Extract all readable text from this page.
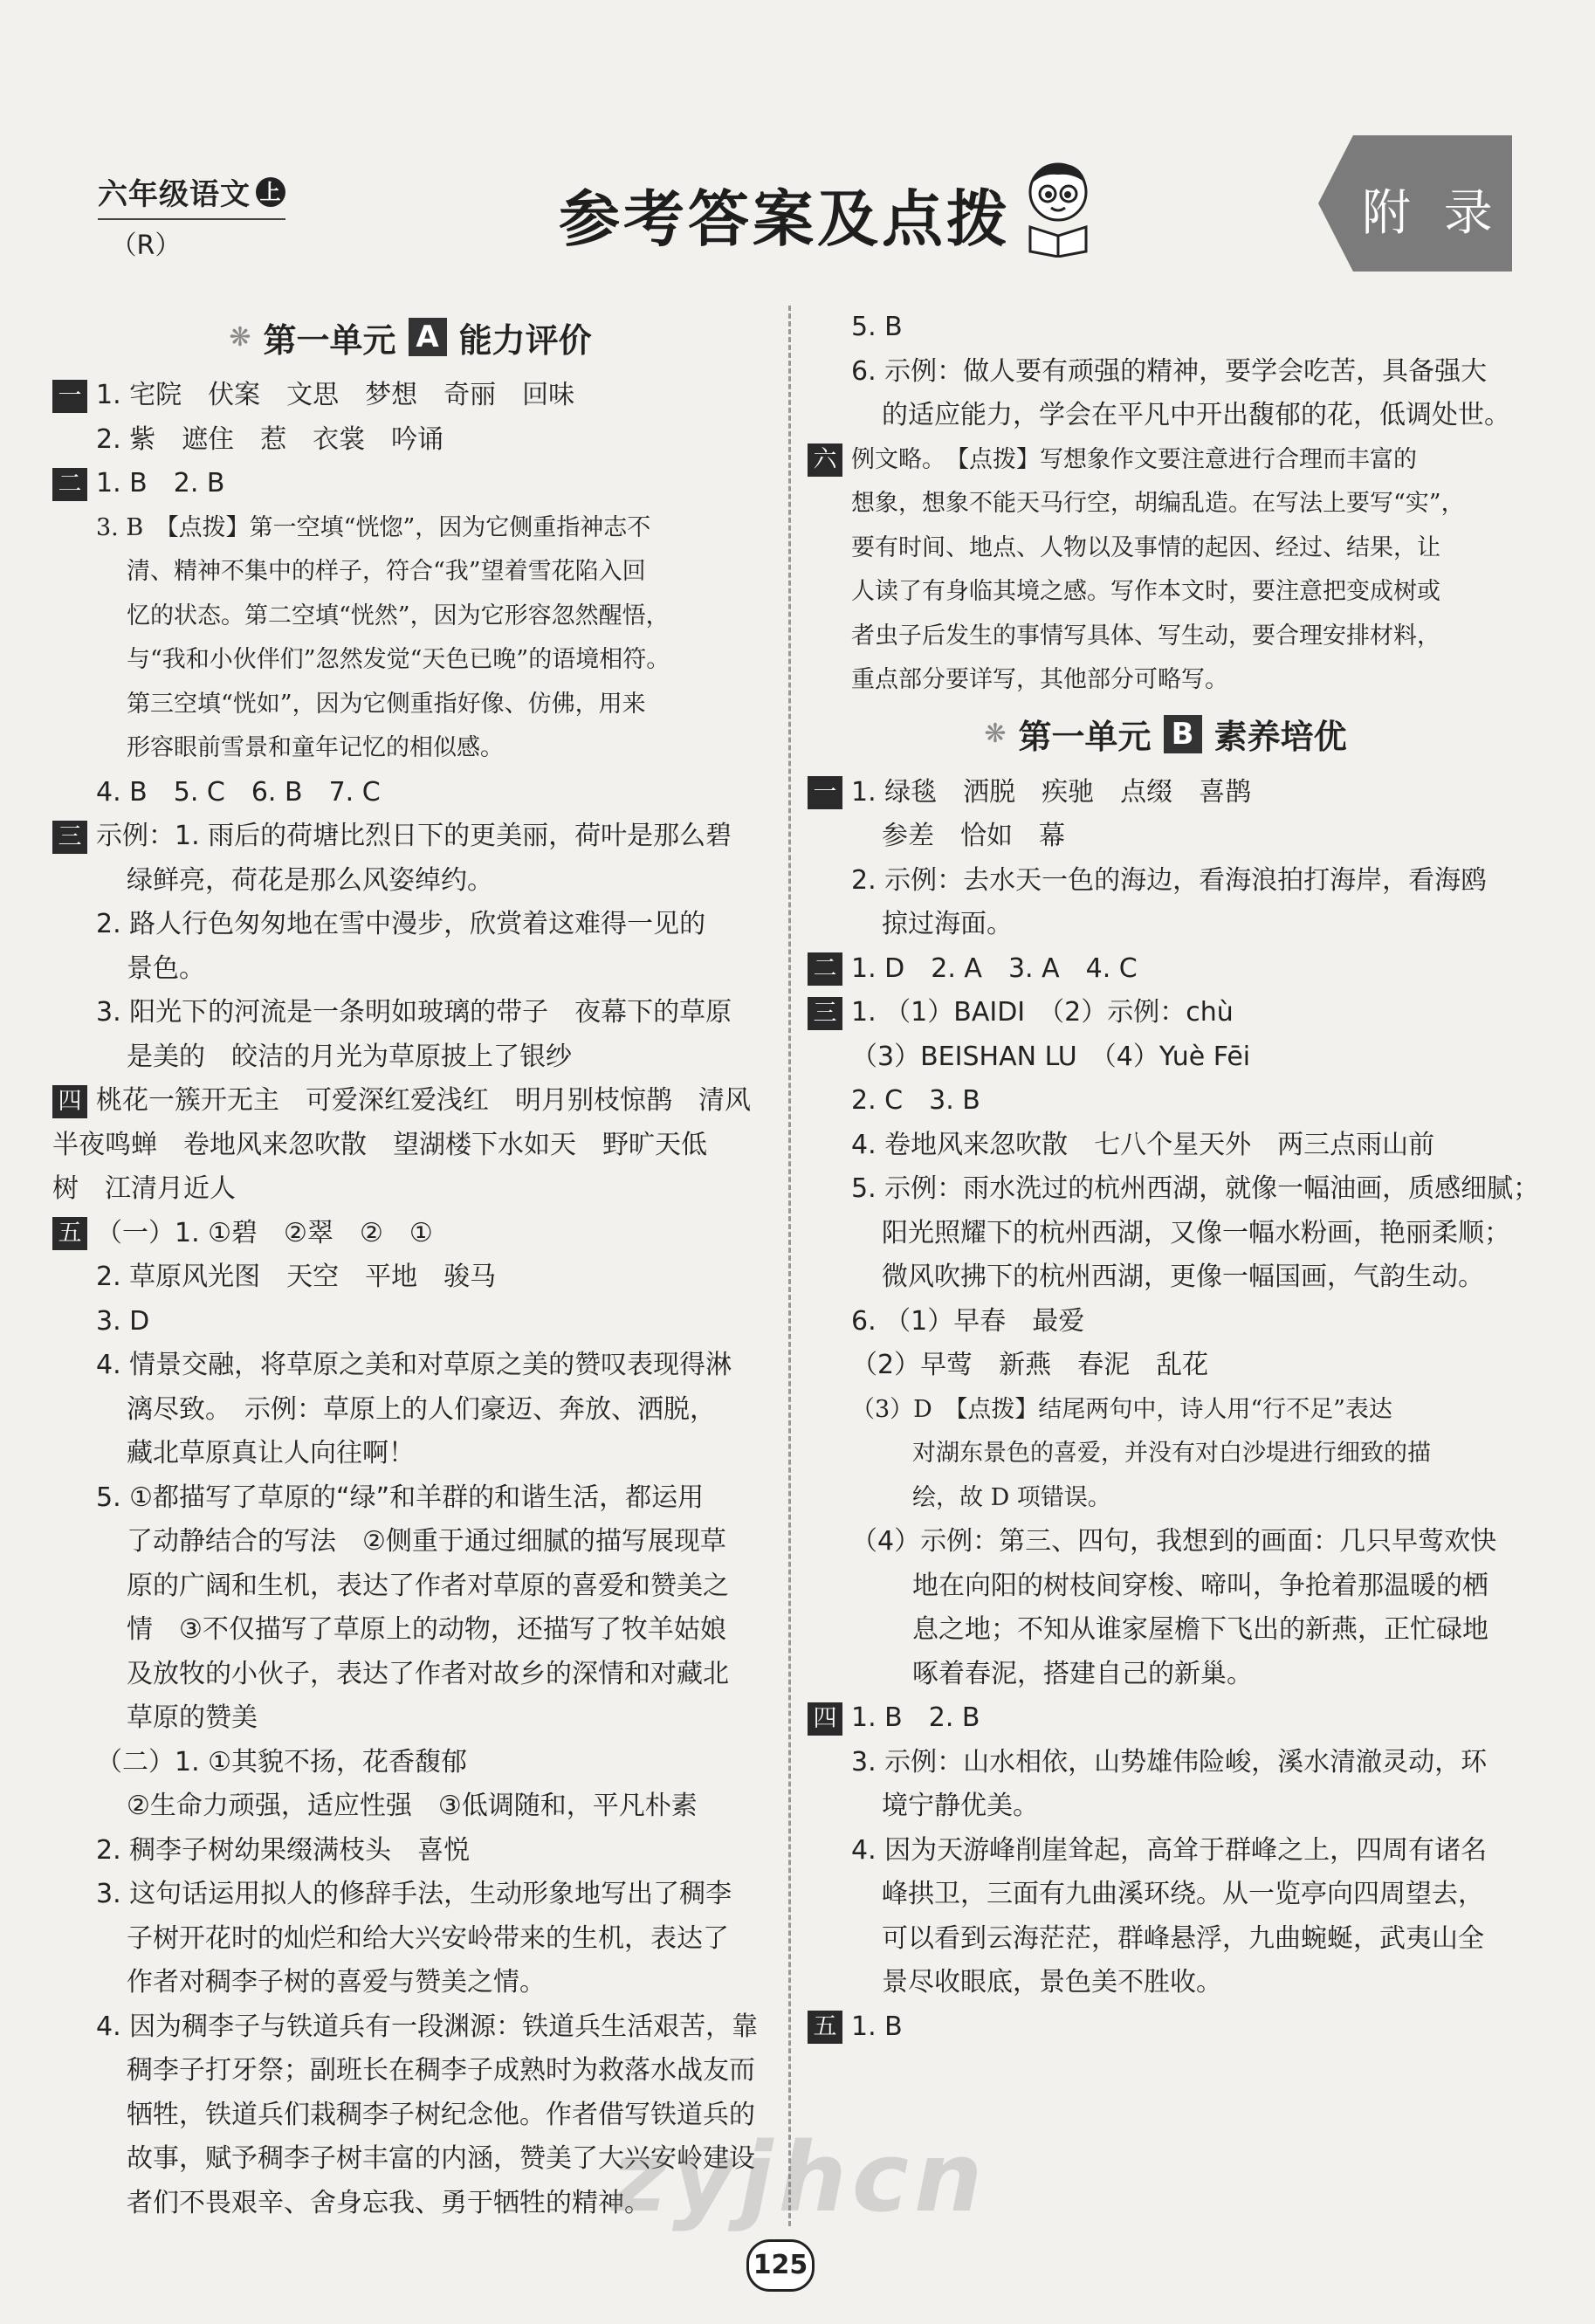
六年级语文 上
（R）	参考答案及点拨	附 录
❋ 第一单元 A 能力评价
一 1. 宅院　伏案　文思　梦想　奇丽　回味
2. 紫　遮住　惹　衣裳　吟诵
二 1. B　2. B
3. B　【点拨】第一空填“恍惚”，因为它侧重指神志不
清、精神不集中的样子，符合“我”望着雪花陷入回
忆的状态。第二空填“恍然”，因为它形容忽然醒悟，
与“我和小伙伴们”忽然发觉“天色已晚”的语境相符。
第三空填“恍如”，因为它侧重指好像、仿佛，用来
形容眼前雪景和童年记忆的相似感。
4. B　5. C　6. B　7. C
三 示例：1. 雨后的荷塘比烈日下的更美丽，荷叶是那么碧
绿鲜亮，荷花是那么风姿绰约。
2. 路人行色匆匆地在雪中漫步，欣赏着这难得一见的
景色。
3. 阳光下的河流是一条明如玻璃的带子　夜幕下的草原
是美的　皎洁的月光为草原披上了银纱
四 桃花一簇开无主　可爱深红爱浅红　明月别枝惊鹊　清风
半夜鸣蝉　卷地风来忽吹散　望湖楼下水如天　野旷天低
树　江清月近人
五 （一）1. ①碧　②翠　②　①
2. 草原风光图　天空　平地　骏马
3. D
4. 情景交融，将草原之美和对草原之美的赞叹表现得淋
漓尽致。　示例：草原上的人们豪迈、奔放、洒脱，
藏北草原真让人向往啊！
5. ①都描写了草原的“绿”和羊群的和谐生活，都运用
了动静结合的写法　②侧重于通过细腻的描写展现草
原的广阔和生机，表达了作者对草原的喜爱和赞美之
情　③不仅描写了草原上的动物，还描写了牧羊姑娘
及放牧的小伙子，表达了作者对故乡的深情和对藏北
草原的赞美
（二）1. ①其貌不扬，花香馥郁
②生命力顽强，适应性强　③低调随和，平凡朴素
2. 稠李子树幼果缀满枝头　喜悦
3. 这句话运用拟人的修辞手法，生动形象地写出了稠李
子树开花时的灿烂和给大兴安岭带来的生机，表达了
作者对稠李子树的喜爱与赞美之情。
4. 因为稠李子与铁道兵有一段渊源：铁道兵生活艰苦，靠
稠李子打牙祭；副班长在稠李子成熟时为救落水战友而
牺牲，铁道兵们栽稠李子树纪念他。作者借写铁道兵的
故事，赋予稠李子树丰富的内涵，赞美了大兴安岭建设
者们不畏艰辛、舍身忘我、勇于牺牲的精神。
5. B
6. 示例：做人要有顽强的精神，要学会吃苦，具备强大
的适应能力，学会在平凡中开出馥郁的花，低调处世。
六 例文略。　【点拨】写想象作文要注意进行合理而丰富的
想象，想象不能天马行空，胡编乱造。在写法上要写“实”，
要有时间、地点、人物以及事情的起因、经过、结果，让
人读了有身临其境之感。写作本文时，要注意把变成树或
者虫子后发生的事情写具体、写生动，要合理安排材料，
重点部分要详写，其他部分可略写。
❋ 第一单元 B 素养培优
一 1. 绿毯　洒脱　疾驰　点缀　喜鹊
参差　恰如　幕
2. 示例：去水天一色的海边，看海浪拍打海岸，看海鸥
掠过海面。
二 1. D　2. A　3. A　4. C
三 1. （1）BAIDI　（2）示例：chù
（3）BEISHAN LU　（4）Yuè Fēi
2. C　3. B
4. 卷地风来忽吹散　七八个星天外　两三点雨山前
5. 示例：雨水洗过的杭州西湖，就像一幅油画，质感细腻；
阳光照耀下的杭州西湖，又像一幅水粉画，艳丽柔顺；
微风吹拂下的杭州西湖，更像一幅国画，气韵生动。
6. （1）早春　最爱
（2）早莺　新燕　春泥　乱花
（3）D　【点拨】结尾两句中，诗人用“行不足”表达
对湖东景色的喜爱，并没有对白沙堤进行细致的描
绘，故 D 项错误。
（4）示例：第三、四句，我想到的画面：几只早莺欢快
地在向阳的树枝间穿梭、啼叫，争抢着那温暖的栖
息之地；不知从谁家屋檐下飞出的新燕，正忙碌地
啄着春泥，搭建自己的新巢。
四 1. B　2. B
3. 示例：山水相依，山势雄伟险峻，溪水清澈灵动，环
境宁静优美。
4. 因为天游峰削崖耸起，高耸于群峰之上，四周有诸名
峰拱卫，三面有九曲溪环绕。从一览亭向四周望去，
可以看到云海茫茫，群峰悬浮，九曲蜿蜒，武夷山全
景尽收眼底，景色美不胜收。
五 1. B
zyjhcn
125
